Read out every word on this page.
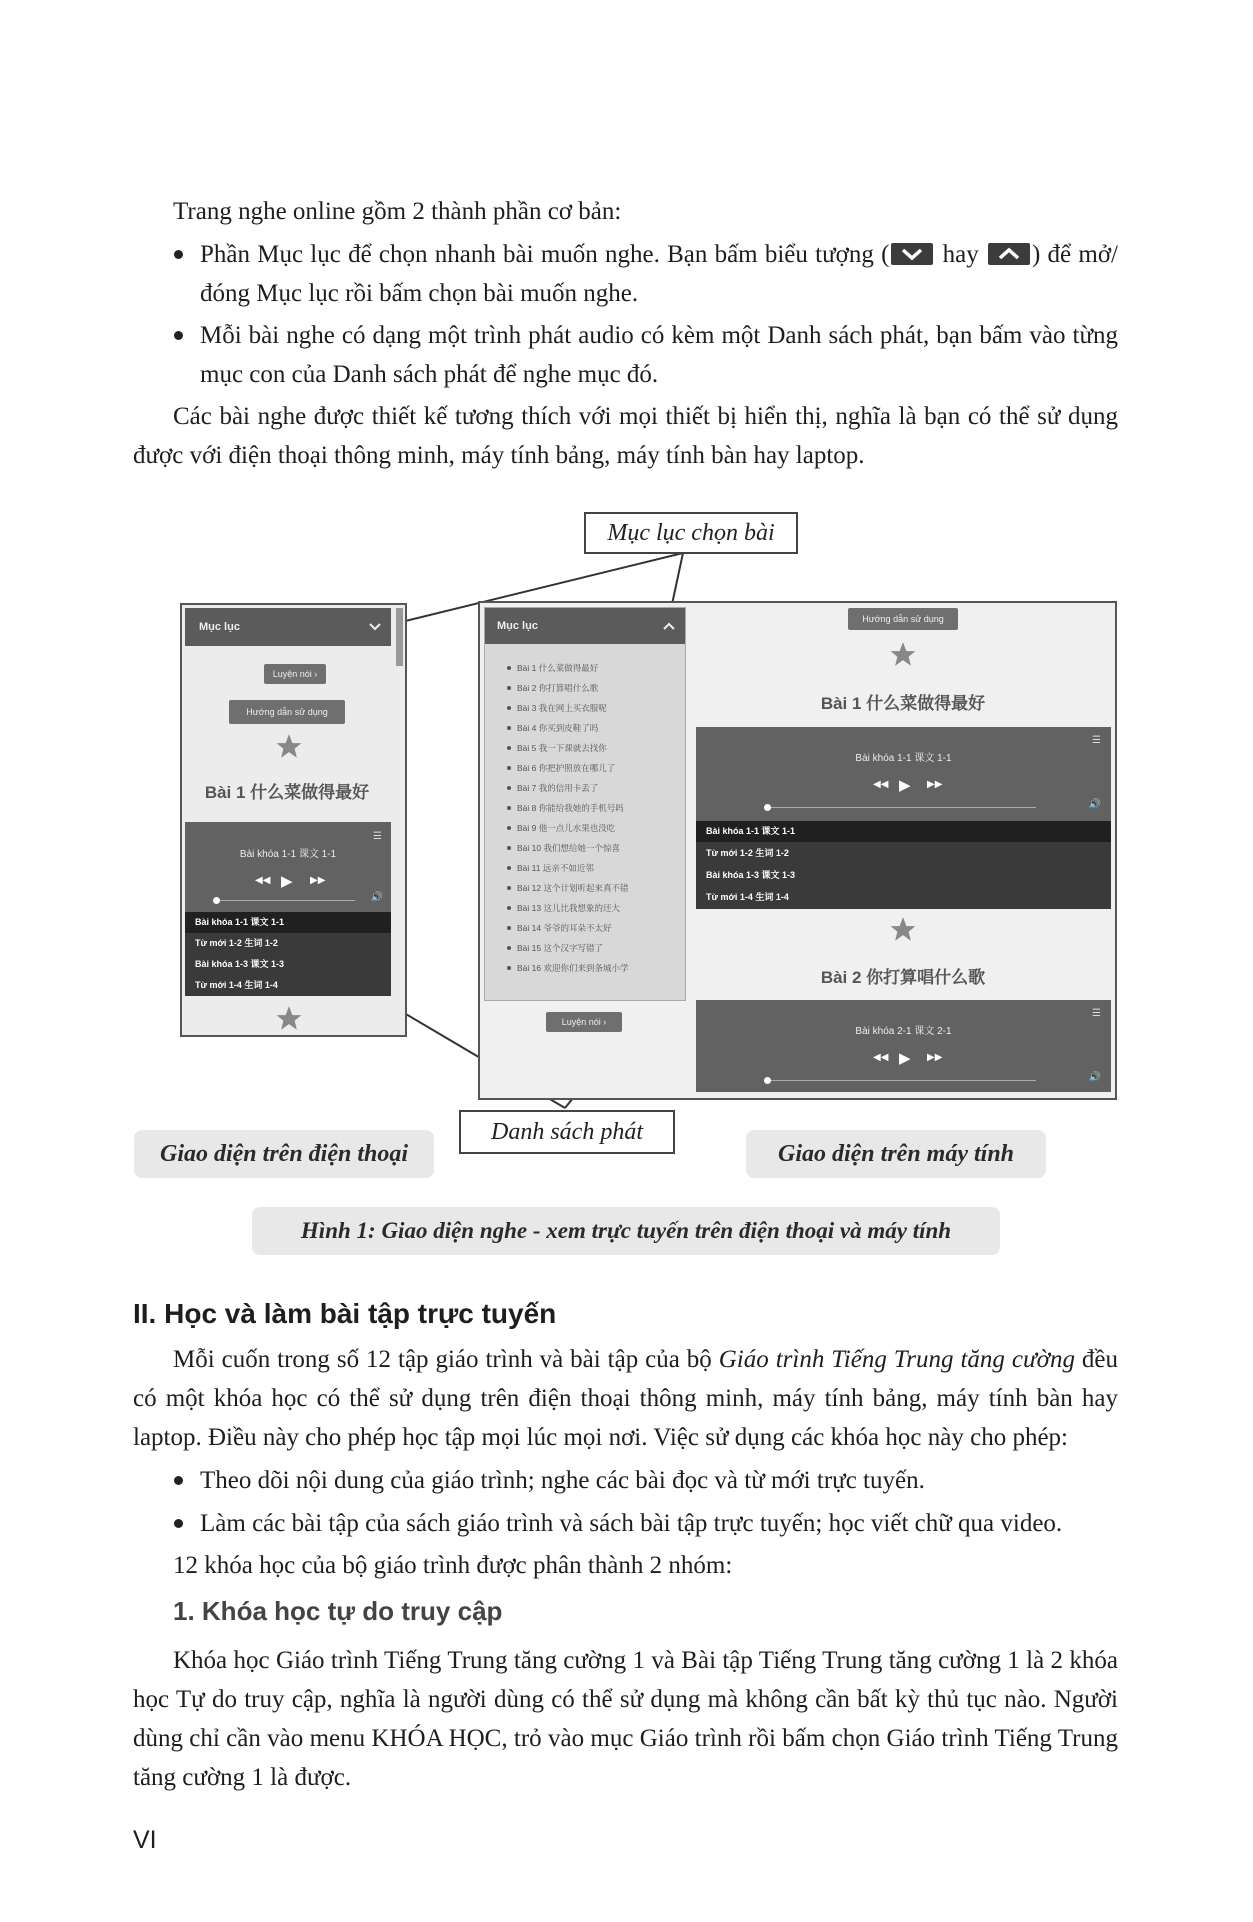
Trang nghe online gồm 2 thành phần cơ bản:

Phần Mục lục để chọn nhanh bài muốn nghe. Bạn bấm biểu tượng ( hay ) để mở/đóng Mục lục rồi bấm chọn bài muốn nghe.
Mỗi bài nghe có dạng một trình phát audio có kèm một Danh sách phát, bạn bấm vào từng mục con của Danh sách phát để nghe mục đó.

Các bài nghe được thiết kế tương thích với mọi thiết bị hiển thị, nghĩa là bạn có thể sử dụng được với điện thoại thông minh, máy tính bảng, máy tính bàn hay laptop.

Mục lục
Luyện nói ›
Hướng dẫn sử dụng
Bài 1 什么菜做得最好
Bài khóa 1-1 课文 1-1
☰
◀◀ ▶ ▶▶
🔊
Bài khóa 1-1 课文 1-1
Từ mới 1-2 生词 1-2
Bài khóa 1-3 课文 1-3
Từ mới 1-4 生词 1-4
Mục lục
Bài 1 什么菜做得最好
Bài 2 你打算唱什么歌
Bài 3 我在网上买衣服呢
Bài 4 你买到皮鞋了吗
Bài 5 我一下课就去找你
Bài 6 你把护照放在哪儿了
Bài 7 我的信用卡丢了
Bài 8 你能给我她的手机号吗
Bài 9 他一点儿水果也没吃
Bài 10 我们想给她一个惊喜
Bài 11 远亲不如近邻
Bài 12 这个计划听起来真不错
Bài 13 这儿比我想象的还大
Bài 14 爷爷的耳朵不太好
Bài 15 这个汉字写错了
Bài 16 欢迎你们来到条城小学
Luyện nói ›
Hướng dẫn sử dụng
Bài 1 什么菜做得最好
Bài khóa 1-1 课文 1-1
☰
◀◀ ▶ ▶▶
🔊
Bài khóa 1-1 课文 1-1
Từ mới 1-2 生词 1-2
Bài khóa 1-3 课文 1-3
Từ mới 1-4 生词 1-4
Bài 2 你打算唱什么歌
Bài khóa 2-1 课文 2-1
☰
◀◀ ▶ ▶▶
🔊
Mục lục chọn bài
Danh sách phát
Giao diện trên điện thoại	Giao diện trên máy tính
Hình 1: Giao diện nghe - xem trực tuyến trên điện thoại và máy tính
II. Học và làm bài tập trực tuyến

Mỗi cuốn trong số 12 tập giáo trình và bài tập của bộ Giáo trình Tiếng Trung tăng cường đều có một khóa học có thể sử dụng trên điện thoại thông minh, máy tính bảng, máy tính bàn hay laptop. Điều này cho phép học tập mọi lúc mọi nơi. Việc sử dụng các khóa học này cho phép:

Theo dõi nội dung của giáo trình; nghe các bài đọc và từ mới trực tuyến.
Làm các bài tập của sách giáo trình và sách bài tập trực tuyến; học viết chữ qua video.

12 khóa học của bộ giáo trình được phân thành 2 nhóm:

1. Khóa học tự do truy cập

Khóa học Giáo trình Tiếng Trung tăng cường 1 và Bài tập Tiếng Trung tăng cường 1 là 2 khóa học Tự do truy cập, nghĩa là người dùng có thể sử dụng mà không cần bất kỳ thủ tục nào. Người dùng chỉ cần vào menu KHÓA HỌC, trỏ vào mục Giáo trình rồi bấm chọn Giáo trình Tiếng Trung tăng cường 1 là được.

VI
